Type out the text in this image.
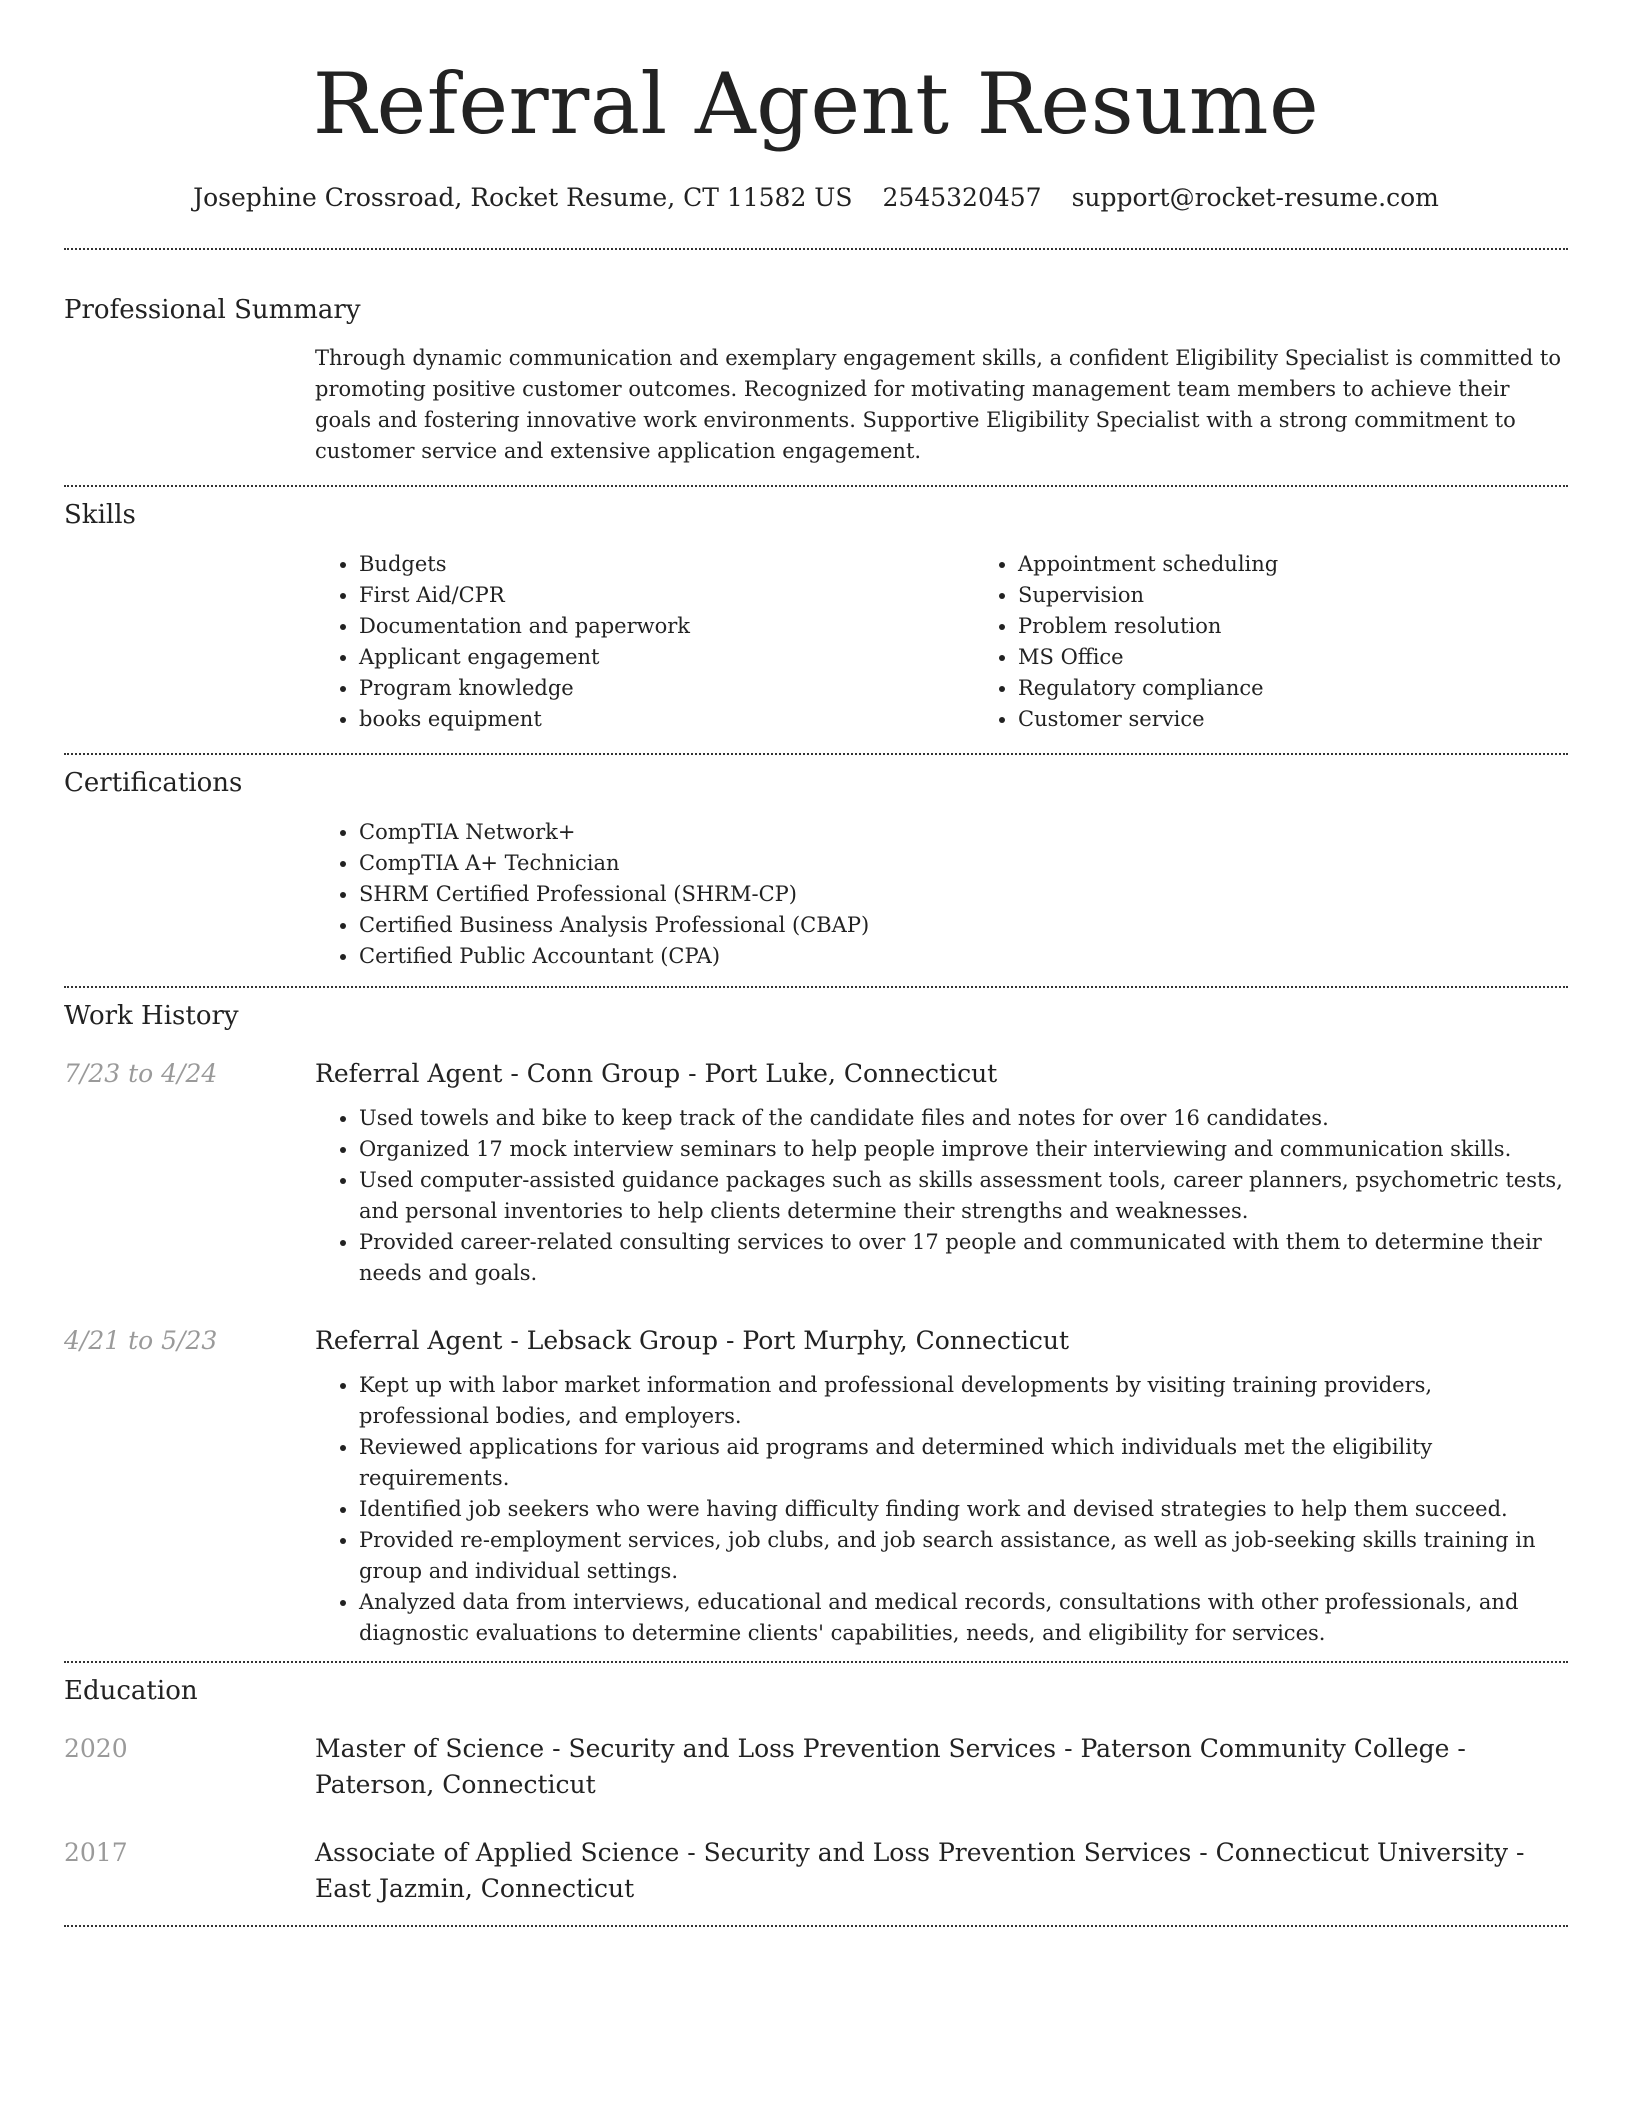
Referral Agent Resume
Josephine Crossroad, Rocket Resume, CT 11582 US 2545320457 support@rocket-resume.com
Professional Summary

Through dynamic communication and exemplary engagement skills, a confident Eligibility Specialist is committed to promoting positive customer outcomes. Recognized for motivating management team members to achieve their goals and fostering innovative work environments. Supportive Eligibility Specialist with a strong commitment to customer service and extensive application engagement.

Skills
• Budgets
• First Aid/CPR
• Documentation and paperwork
• Applicant engagement
• Program knowledge
• books equipment
• Appointment scheduling
• Supervision
• Problem resolution
• MS Office
• Regulatory compliance
• Customer service
Certifications
• CompTIA Network+
• CompTIA A+ Technician
• SHRM Certified Professional (SHRM-CP)
• Certified Business Analysis Professional (CBAP)
• Certified Public Accountant (CPA)
Work History
7/23 to 4/24	Referral Agent - Conn Group - Port Luke, Connecticut

• Used towels and bike to keep track of the candidate files and notes for over 16 candidates.
• Organized 17 mock interview seminars to help people improve their interviewing and communication skills.
• Used computer-assisted guidance packages such as skills assessment tools, career planners, psychometric tests, and personal inventories to help clients determine their strengths and weaknesses.
• Provided career-related consulting services to over 17 people and communicated with them to determine their needs and goals.
4/21 to 5/23	Referral Agent - Lebsack Group - Port Murphy, Connecticut

• Kept up with labor market information and professional developments by visiting training providers, professional bodies, and employers.
• Reviewed applications for various aid programs and determined which individuals met the eligibility requirements.
• Identified job seekers who were having difficulty finding work and devised strategies to help them succeed.
• Provided re-employment services, job clubs, and job search assistance, as well as job-seeking skills training in group and individual settings.
• Analyzed data from interviews, educational and medical records, consultations with other professionals, and diagnostic evaluations to determine clients' capabilities, needs, and eligibility for services.
Education
2020	Master of Science - Security and Loss Prevention Services - Paterson Community College - Paterson, Connecticut

2017	Associate of Applied Science - Security and Loss Prevention Services - Connecticut University - East Jazmin, Connecticut
